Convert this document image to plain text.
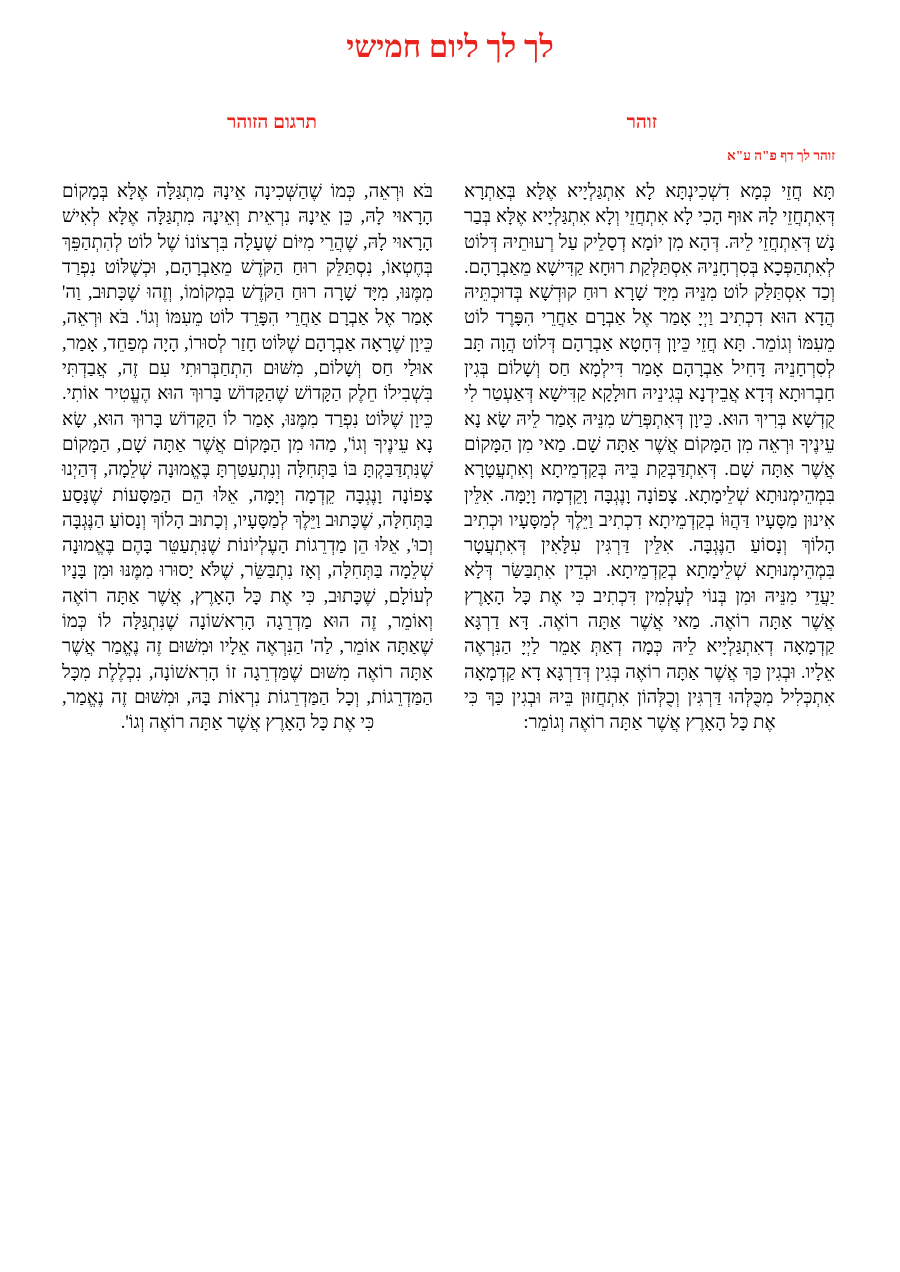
לך לך ליום חמישי
זוהר
תרגום הזוהר
זוהר לך דף פ"ה ע"א
תָּא חֲזֵי כְּמָא דִשְׁכִינְתָּא לָא אִתְגַּלְיָיא אֶלָּא בְּאַתְרָא דְּאִתְחֲזֵי לָהּ אוּף הָכִי לָא אִתְחֲזֵי וְלָא אִתְגַּלְיָיא אֶלָּא בְּבַר נָשׁ דְּאִתְחֲזֵי לֵיהּ. דְּהָא מִן יוֹמָא דְסָלֵיק עַל רְעוּתֵיהּ דְּלוֹט לְאִתְהַפְּכָא בְּסִרְחָנֵיהּ אִסְתַּלְּקַת רוּחָא קַדִּישָׁא מֵאַבְרָהָם. וְכַד אִסְתַּלַּק לוֹט מִנֵּיהּ מִיָּד שָׁרָא רוּחַ קוּדְשָׁא בְּדוּכְתֵּיהּ הֲדָא הוּא דִכְתִיב וַיְיָ אָמַר אֶל אַבְרָם אַחֲרֵי הִפָּרֶד לוֹט מֵעִמּוֹ וְגוֹמֵר. תָּא חֲזֵי כֵּיוָן דְּחָטָא אַבְרָהָם דְּלוֹט הֲוָה תָּב לְסִרְחָנֵיהּ דָּחִיל אַבְרָהָם אָמַר דִּילְמָא חַס וְשָׁלוֹם בְּגִין חַבְרוּתָא דְּדָא אֲבֵידְנָא בְּגִינֵיהּ חוּלָקָא קַדִּישָׁא דְּאַעְטַר לִי קֻדְשָׁא בְּרִיךְ הוּא. כֵּיוָן דְּאִתְפְּרַשׁ מִנֵּיהּ אָמַר לֵיהּ שָׂא נָא עֵינֶיךָ וּרְאֵה מִן הַמָּקוֹם אֲשֶׁר אַתָּה שָׁם. מַאי מִן הַמָּקוֹם אֲשֶׁר אַתָּה שָׁם. דְּאִתְדַּבְּקַת בֵּיהּ בְּקַדְמֵיתָא וְאִתְעֲטָרָא בִּמְהֵימְנוּתָא שְׁלֵימָתָא. צָפוֹנָה וָנֶגְבָּה וָקֵדְמָה וָיָמָּה. אִלֵּין אִינוּן מַסָּעָיו דַּהֲוּוֹ בְקַדְמֵיתָא דִכְתִיב וַיֵּלֶךְ לְמַסָּעָיו וּכְתִיב הָלוֹךְ וְנָסוֹעַ הַנֶּגְבָּה. אִלֵּין דַּרְגִּין עִלָּאִין דְּאִתְעֲטָר בִּמְהֵימְנוּתָא שְׁלֵימָתָא בְקַדְמֵיתָא. וּכְדֵין אִתְבַּשַּׂר דְּלָא יַעֲדֵי מִנֵּיהּ וּמִן בְּנוֹי לְעָלְמִין דִּכְתִיב כִּי אֶת כָּל הָאָרֶץ אֲשֶׁר אַתָּה רוֹאֶה. מַאי אֲשֶׁר אַתָּה רוֹאֶה. דָּא דַרְגָּא קַדְמָאָה דְאִתְגַּלְיָיא לֵיהּ כְּמָה דְאַתְּ אָמֵר לַיְיָ הַנִּרְאֶה אֵלָיו. וּבְגִין כַּךְ אֲשֶׁר אַתָּה רוֹאֶה בְּגִין דְּדַרְגָּא דָא קַדְמָאָה אִתְכְּלִיל מִכֻּלְּהוּ דַּרְגִּין וְכֻלְּהוֹן אִתְחֲזוּן בֵּיהּ וּבְגִין כַּךְ כִּי אֶת כָּל הָאָרֶץ אֲשֶׁר אַתָּה רוֹאֶה וְגוֹמֵר:
בֹּא וּרְאֵה, כְּמוֹ שֶׁהַשְּׁכִינָה אֵינָהּ מִתְגַּלָּה אֶלָּא בְּמָקוֹם הָרָאוּי לָהּ, כֵּן אֵינָהּ נִרְאֵית וְאֵינָהּ מִתְגַּלָּה אֶלָּא לְאִישׁ הָרָאוּי לָהּ, שֶׁהֲרֵי מִיּוֹם שֶׁעָלָה בִּרְצוֹנוֹ שֶׁל לוֹט לְהִתְהַפֵּךְ בְּחֶטְאוֹ, נִסְתַּלֵּק רוּחַ הַקֹּדֶשׁ מֵאַבְרָהָם, וּכְשֶׁלּוֹט נִפְרַד מִמֶּנּוּ, מִיָּד שָׁרָה רוּחַ הַקֹּדֶשׁ בִּמְקוֹמוֹ, וְזֶהוּ שֶׁכָּתוּב, וַה' אָמַר אֶל אַבְרָם אַחֲרֵי הִפָּרֵד לוֹט מֵעִמּוֹ וְגוֹ'. בֹּא וּרְאֵה, כֵּיוָן שֶׁרָאָה אַבְרָהָם שֶׁלּוֹט חָזַר לְסוּרוֹ, הָיָה מְפַחֵד, אָמַר, אוּלַי חַס וְשָׁלוֹם, מִשּׁוּם הִתְחַבְּרוּתִי עִם זֶה, אֲבַדְתִּי בִּשְׁבִילוֹ חֵלֶק הַקָּדוֹשׁ שֶׁהַקָּדוֹשׁ בָּרוּךְ הוּא הֶעֱטִיר אוֹתִי. כֵּיוָן שֶׁלּוֹט נִפְרַד מִמֶּנּוּ, אָמַר לוֹ הַקָּדוֹשׁ בָּרוּךְ הוּא, שָׂא נָא עֵינֶיךָ וְגוֹ', מַהוּ מִן הַמָּקוֹם אֲשֶׁר אַתָּה שָׁם, הַמָּקוֹם שֶׁנִּתְדַּבַּקְתָּ בּוֹ בַּתְּחִלָּה וְנִתְעַטַּרְתָּ בֶּאֱמוּנָה שְׁלֵמָה, דְּהַיְנוּ צָפוֹנָה וָנֶגְבָּה קֵדְמָה וְיָמָּה, אֵלּוּ הֵם הַמַּסָּעוֹת שֶׁנָּסַע בַּתְּחִלָּה, שֶׁכָּתוּב וַיֵּלֶךְ לְמַסָּעָיו, וְכָתוּב הָלוֹךְ וְנָסוֹעַ הַנֶּגְבָּה וְכוּ', אֵלּוּ הֵן מַדְרֵגוֹת הָעֶלְיוֹנוֹת שֶׁנִּתְעַטֵּר בָּהֶם בֶּאֱמוּנָה שְׁלֵמָה בַּתְּחִלָּה, וְאָז נִתְבַּשֵּׂר, שֶׁלֹּא יָסוּרוּ מִמֶּנּוּ וּמִן בָּנָיו לְעוֹלָם, שֶׁכָּתוּב, כִּי אֶת כָּל הָאָרֶץ, אֲשֶׁר אַתָּה רוֹאֶה וְאוֹמֵר, זֶה הוּא מַדְרֵגָה הָרִאשׁוֹנָה שֶׁנִּתְגַּלָּה לוֹ כְּמוֹ שֶׁאַתָּה אוֹמֵר, לַה' הַנִּרְאֶה אֵלָיו וּמִשּׁוּם זֶה נֶאֱמַר אֲשֶׁר אַתָּה רוֹאֶה מִשּׁוּם שֶׁמַּדְרֵגָה זוֹ הָרִאשׁוֹנָה, נִכְלֶלֶת מִכָּל הַמַּדְרֵגוֹת, וְכָל הַמַּדְרֵגוֹת נִרְאוֹת בָּהּ, וּמִשּׁוּם זֶה נֶאֱמַר, כִּי אֶת כָּל הָאָרֶץ אֲשֶׁר אַתָּה רוֹאֶה וְגוֹ'.
